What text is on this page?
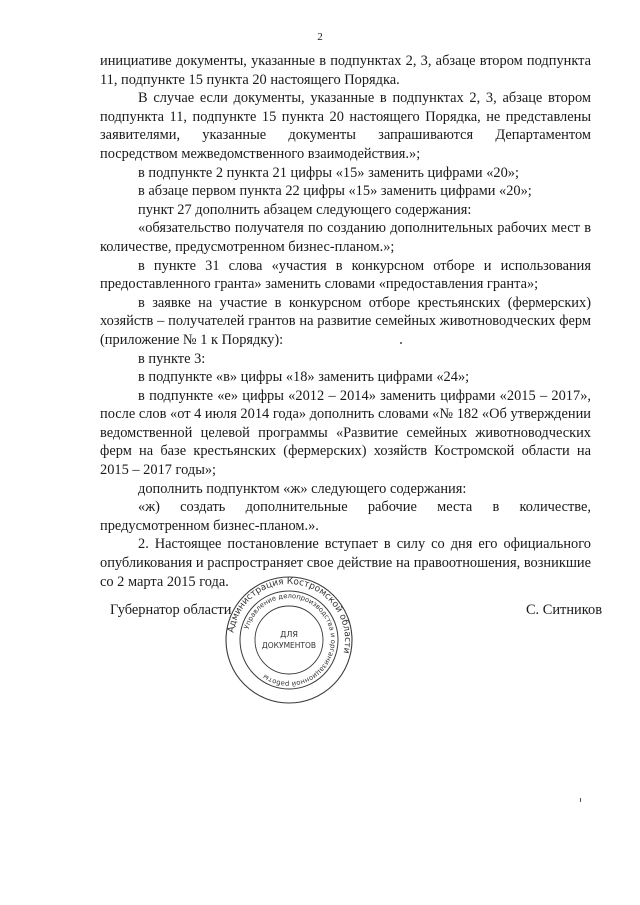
2

инициативе документы, указанные в подпунктах 2, 3, абзаце втором подпункта 11, подпункте 15 пункта 20 настоящего Порядка.

В случае если документы, указанные в подпунктах 2, 3, абзаце втором подпункта 11, подпункте 15 пункта 20 настоящего Порядка, не представлены заявителями, указанные документы запрашиваются Департаментом посредством межведомственного взаимодействия.»;

в подпункте 2 пункта 21 цифры «15» заменить цифрами «20»;

в абзаце первом пункта 22 цифры «15» заменить цифрами «20»;

пункт 27 дополнить абзацем следующего содержания:

«обязательство получателя по созданию дополнительных рабочих мест в количестве, предусмотренном бизнес-планом.»;

в пункте 31 слова «участия в конкурсном отборе и использования предоставленного гранта» заменить словами «предоставления гранта»;

в заявке на участие в конкурсном отборе крестьянских (фермерских) хозяйств – получателей грантов на развитие семейных животноводческих ферм (приложение № 1 к Порядку):

в пункте 3:

в подпункте «в» цифры «18» заменить цифрами «24»;

в подпункте «е» цифры «2012 – 2014» заменить цифрами «2015 – 2017», после слов «от 4 июля 2014 года» дополнить словами «№ 182 «Об утверждении ведомственной целевой программы «Развитие семейных животноводческих ферм на базе крестьянских (фермерских) хозяйств Костромской области на 2015 – 2017 годы»;

дополнить подпунктом «ж» следующего содержания:

«ж) создать дополнительные рабочие места в количестве, предусмотренном бизнес-планом.».

2. Настоящее постановление вступает в силу со дня его официального опубликования и распространяет свое действие на правоотношения, возникшие со 2 марта 2015 года.

Губернатор области	С. Ситников
Администрация Костромской области
Управление делопроизводства и организационной работы
ДЛЯ
ДОКУМЕНТОВ
